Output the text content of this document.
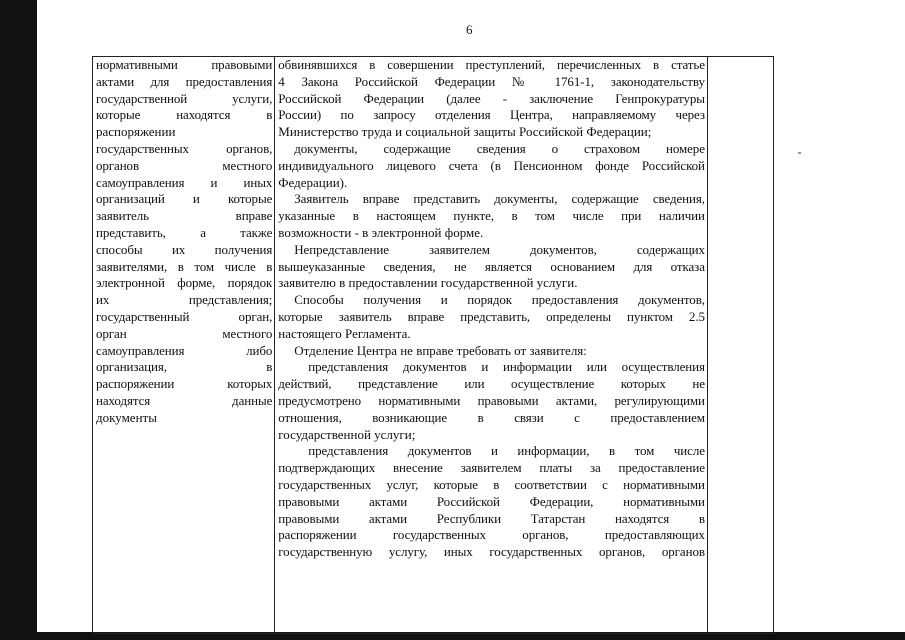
6
нормативными правовыми
актами для предоставления
государственной услуги,
которые находятся в
распоряжении
государственных органов,
органов местного
самоуправления и иных
организаций и которые
заявитель вправе
представить, а также
способы их получения
заявителями, в том числе в
электронной форме, порядок
их представления;
государственный орган,
орган местного
самоуправления либо
организация, в
распоряжении которых
находятся данные
документы

обвинявшихся в совершении преступлений, перечисленных в статье
4 Закона Российской Федерации № 1761-1, законодательству
Российской Федерации (далее - заключение Генпрокуратуры
России) по запросу отделения Центра, направляемому через
Министерство труда и социальной защиты Российской Федерации;
документы, содержащие сведения о страховом номере
индивидуального лицевого счета (в Пенсионном фонде Российской
Федерации).
Заявитель вправе представить документы, содержащие сведения,
указанные в настоящем пункте, в том числе при наличии
возможности - в электронной форме.
Непредставление заявителем документов, содержащих
вышеуказанные сведения, не является основанием для отказа
заявителю в предоставлении государственной услуги.
Способы получения и порядок предоставления документов,
которые заявитель вправе представить, определены пунктом 2.5
настоящего Регламента.
Отделение Центра не вправе требовать от заявителя:
представления документов и информации или осуществления
действий, представление или осуществление которых не
предусмотрено нормативными правовыми актами, регулирующими
отношения, возникающие в связи с предоставлением
государственной услуги;
представления документов и информации, в том числе
подтверждающих внесение заявителем платы за предоставление
государственных услуг, которые в соответствии с нормативными
правовыми актами Российской Федерации, нормативными
правовыми актами Республики Татарстан находятся в
распоряжении государственных органов, предоставляющих
государственную услугу, иных государственных органов, органов
